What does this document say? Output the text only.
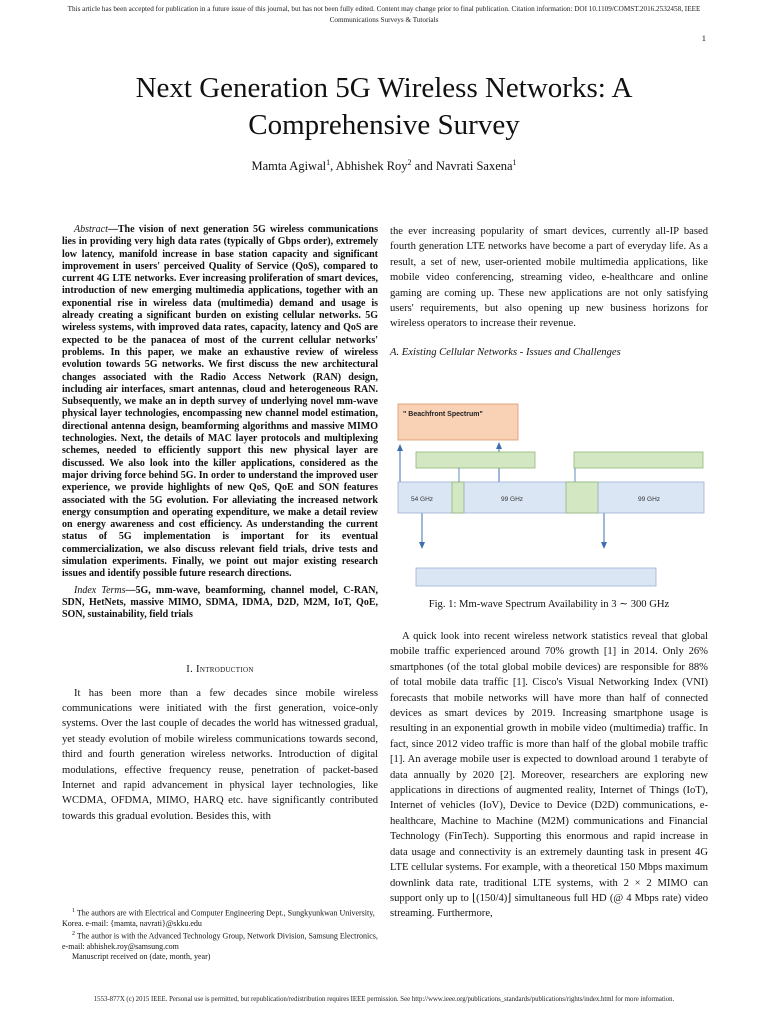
This article has been accepted for publication in a future issue of this journal, but has not been fully edited. Content may change prior to final publication. Citation information: DOI 10.1109/COMST.2016.2532458, IEEE
Communications Surveys & Tutorials
1
Next Generation 5G Wireless Networks: A
Comprehensive Survey
Mamta Agiwal$^1$, Abhishek Roy$^2$ and Navrati Saxena$^1$

Abstract—The vision of next generation 5G wireless communications lies in providing very high data rates (typically of Gbps order), extremely low latency, manifold increase in base station capacity and significant improvement in users' perceived Quality of Service (QoS), compared to current 4G LTE networks. Ever increasing proliferation of smart devices, introduction of new emerging multimedia applications, together with an exponential rise in wireless data (multimedia) demand and usage is already creating a significant burden on existing cellular networks. 5G wireless systems, with improved data rates, capacity, latency and QoS are expected to be the panacea of most of the current cellular networks' problems. In this paper, we make an exhaustive review of wireless evolution towards 5G networks. We first discuss the new architectural changes associated with the Radio Access Network (RAN) design, including air interfaces, smart antennas, cloud and heterogeneous RAN. Subsequently, we make an in depth survey of underlying novel mm-wave physical layer technologies, encompassing new channel model estimation, directional antenna design, beamforming algorithms and massive MIMO technologies. Next, the details of MAC layer protocols and multiplexing schemes, needed to efficiently support this new physical layer are discussed. We also look into the killer applications, considered as the major driving force behind 5G. In order to understand the improved user experience, we provide highlights of new QoS, QoE and SON features associated with the 5G evolution. For alleviating the increased network energy consumption and operating expenditure, we make a detail review on energy awareness and cost efficiency. As understanding the current status of 5G implementation is important for its eventual commercialization, we also discuss relevant field trials, drive tests and simulation experiments. Finally, we point out major existing research issues and identify possible future research directions.

Index Terms—5G, mm-wave, beamforming, channel model, C-RAN, SDN, HetNets, massive MIMO, SDMA, IDMA, D2D, M2M, IoT, QoE, SON, sustainability, field trials

I. Introduction

It has been more than a few decades since mobile wireless communications were initiated with the first generation, voice-only systems. Over the last couple of decades the world has witnessed gradual, yet steady evolution of mobile wireless communications towards second, third and fourth generation wireless networks. Introduction of digital modulations, effective frequency reuse, penetration of packet-based Internet and rapid advancement in physical layer technologies, like WCDMA, OFDMA, MIMO, HARQ etc. have significantly contributed towards this gradual evolution. Besides this, with

$^1$ The authors are with Electrical and Computer Engineering Dept., Sungkyunkwan University, Korea. e-mail: {mamta, navrati}@skku.edu

$^2$ The author is with the Advanced Technology Group, Network Division, Samsung Electronics, e-mail: abhishek.roy@samsung.com

Manuscript received on (date, month, year)

the ever increasing popularity of smart devices, currently all-IP based fourth generation LTE networks have become a part of everyday life. As a result, a set of new, user-oriented mobile multimedia applications, like mobile video conferencing, streaming video, e-healthcare and online gaming are coming up. These new applications are not only satisfying users' requirements, but also opening up new business horizons for wireless operators to increase their revenue.

A. Existing Cellular Networks - Issues and Challenges

" Beachfront Spectrum"
54 GHz	99 GHz	99 GHz
Fig. 1: Mm-wave Spectrum Availability in 3 ∼ 300 GHz

A quick look into recent wireless network statistics reveal that global mobile traffic experienced around 70% growth [1] in 2014. Only 26% smartphones (of the total global mobile devices) are responsible for 88% of total mobile data traffic [1]. Cisco's Visual Networking Index (VNI) forecasts that mobile networks will have more than half of connected devices as smart devices by 2019. Increasing smartphone usage is resulting in an exponential growth in mobile video (multimedia) traffic. In fact, since 2012 video traffic is more than half of the global mobile traffic [1]. An average mobile user is expected to download around 1 terabyte of data annually by 2020 [2]. Moreover, researchers are exploring new applications in directions of augmented reality, Internet of Things (IoT), Internet of vehicles (IoV), Device to Device (D2D) communications, e-healthcare, Machine to Machine (M2M) communications and Financial Technology (FinTech). Supporting this enormous and rapid increase in data usage and connectivity is an extremely daunting task in present 4G LTE cellular systems. For example, with a theoretical 150 Mbps maximum downlink data rate, traditional LTE systems, with 2 × 2 MIMO can support only up to ⌊(150/4)⌋ simultaneous full HD (@ 4 Mbps rate) video streaming. Furthermore,

1553-877X (c) 2015 IEEE. Personal use is permitted, but republication/redistribution requires IEEE permission. See http://www.ieee.org/publications_standards/publications/rights/index.html for more information.
